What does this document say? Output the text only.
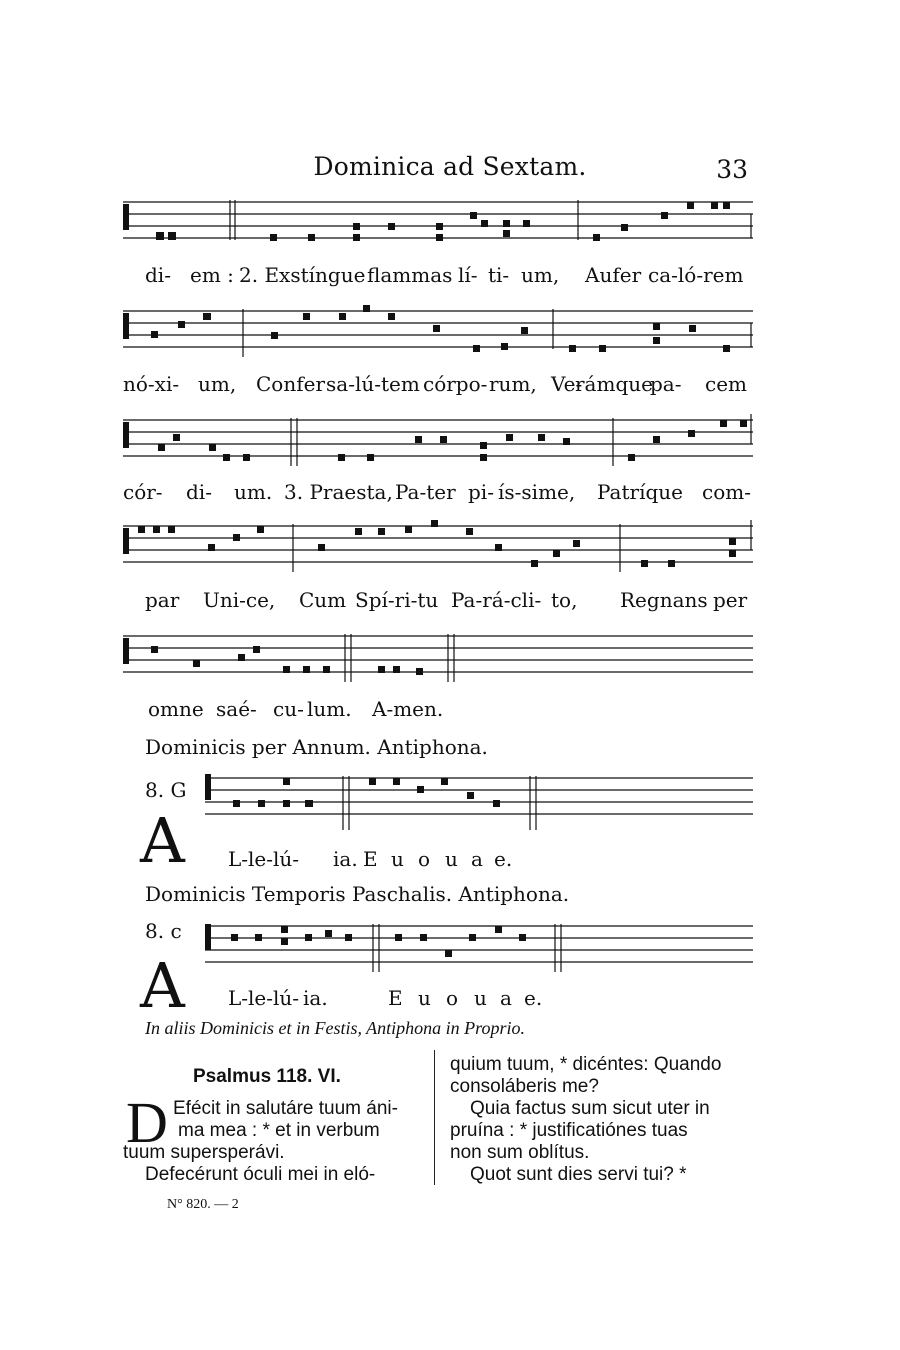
Dominica ad Sextam.	33
di- em : 2. Exstíngue flammas lí- ti- um, Aufer ca-ló-rem
nó-xi- um, Confer sa-lú-tem córpo- rum, Ve-
rámque
pa- cem
cór- di- um. 3. Praesta, Pa-ter pi- ís-sime, Patríque com-
par Uni-ce, Cum Spí-ri-tu Pa-rá-cli- to, Regnans per
omne saé- cu- lum. A-men.
Dominicis per Annum. Antiphona.
8. G
A L-le-lú- ia. E u o u a e.
Dominicis Temporis Paschalis. Antiphona.
8. c
A L-le-lú- ia.	E u o u a e.
In aliis Dominicis et in Festis, Antiphona in Proprio.
Psalmus 118. VI.
D Efécit in salutáre tuum áni-
ma mea : * et in verbum
tuum supersperávi.
Defecérunt óculi mei in eló-
quium tuum, * dicéntes: Quando
consoláberis me?
Quia factus sum sicut uter in
pruína : * justificatiónes tuas
non sum oblítus.
Quot sunt dies servi tui? *
N° 820. — 2
